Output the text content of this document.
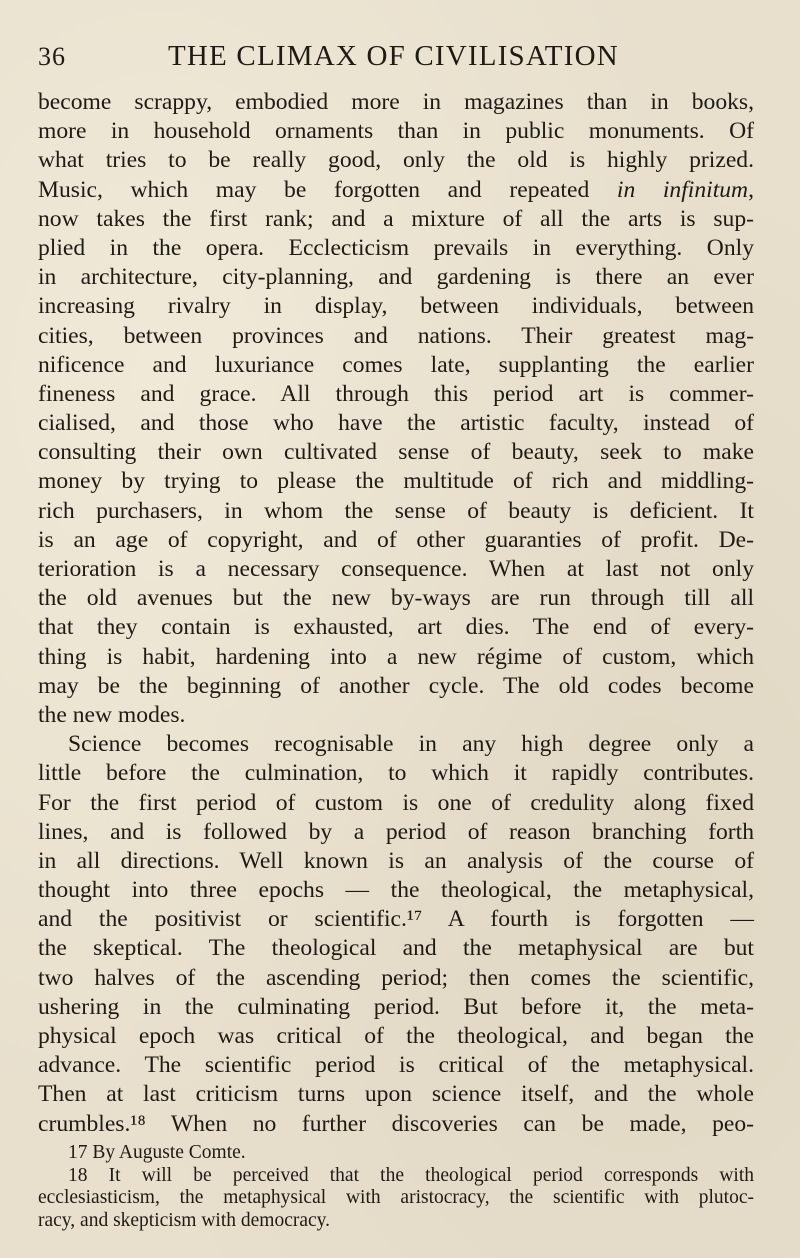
36	THE CLIMAX OF CIVILISATION
become scrappy, embodied more in magazines than in books,
more in household ornaments than in public monuments. Of
what tries to be really good, only the old is highly prized.
Music, which may be forgotten and repeated in infinitum,
now takes the first rank; and a mixture of all the arts is sup-
plied in the opera. Ecclecticism prevails in everything. Only
in architecture, city-planning, and gardening is there an ever
increasing rivalry in display, between individuals, between
cities, between provinces and nations. Their greatest mag-
nificence and luxuriance comes late, supplanting the earlier
fineness and grace. All through this period art is commer-
cialised, and those who have the artistic faculty, instead of
consulting their own cultivated sense of beauty, seek to make
money by trying to please the multitude of rich and middling-
rich purchasers, in whom the sense of beauty is deficient. It
is an age of copyright, and of other guaranties of profit. De-
terioration is a necessary consequence. When at last not only
the old avenues but the new by-ways are run through till all
that they contain is exhausted, art dies. The end of every-
thing is habit, hardening into a new régime of custom, which
may be the beginning of another cycle. The old codes become
the new modes.
Science becomes recognisable in any high degree only a
little before the culmination, to which it rapidly contributes.
For the first period of custom is one of credulity along fixed
lines, and is followed by a period of reason branching forth
in all directions. Well known is an analysis of the course of
thought into three epochs — the theological, the metaphysical,
and the positivist or scientific.¹⁷ A fourth is forgotten —
the skeptical. The theological and the metaphysical are but
two halves of the ascending period; then comes the scientific,
ushering in the culminating period. But before it, the meta-
physical epoch was critical of the theological, and began the
advance. The scientific period is critical of the metaphysical.
Then at last criticism turns upon science itself, and the whole
crumbles.¹⁸ When no further discoveries can be made, peo-
17 By Auguste Comte.
18 It will be perceived that the theological period corresponds with
ecclesiasticism, the metaphysical with aristocracy, the scientific with plutoc-
racy, and skepticism with democracy.
